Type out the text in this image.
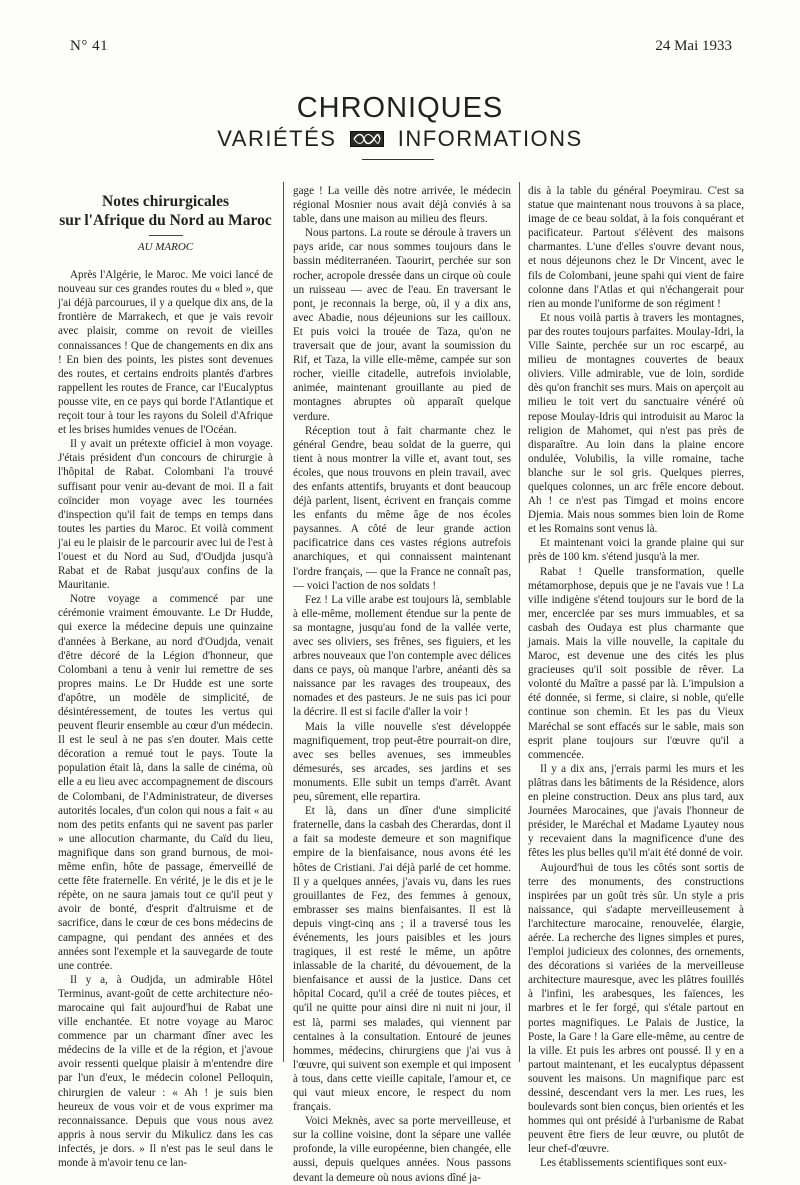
N° 41	24 Mai 1933
CHRONIQUES
VARIÉTÉS	INFORMATIONS
Notes chirurgicales
sur l'Afrique du Nord au Maroc
AU MAROC

Après l'Algérie, le Maroc. Me voici lancé de nouveau sur ces grandes routes du « bled », que j'ai déjà parcourues, il y a quelque dix ans, de la frontière de Marrakech, et que je vais revoir avec plaisir, comme on revoit de vieilles connaissances ! Que de changements en dix ans ! En bien des points, les pistes sont devenues des routes, et certains endroits plantés d'arbres rappellent les routes de France, car l'Eucalyptus pousse vite, en ce pays qui borde l'Atlantique et reçoit tour à tour les rayons du Soleil d'Afrique et les brises humides venues de l'Océan.

Il y avait un prétexte officiel à mon voyage. J'étais président d'un concours de chirurgie à l'hôpital de Rabat. Colombani l'a trouvé suffisant pour venir au-devant de moi. Il a fait coïncider mon voyage avec les tournées d'inspection qu'il fait de temps en temps dans toutes les parties du Maroc. Et voilà comment j'ai eu le plaisir de le parcourir avec lui de l'est à l'ouest et du Nord au Sud, d'Oudjda jusqu'à Rabat et de Rabat jusqu'aux confins de la Mauritanie.

Notre voyage a commencé par une cérémonie vraiment émouvante. Le Dr Hudde, qui exerce la médecine depuis une quinzaine d'années à Berkane, au nord d'Oudjda, venait d'être décoré de la Légion d'honneur, que Colombani a tenu à venir lui remettre de ses propres mains. Le Dr Hudde est une sorte d'apôtre, un modèle de simplicité, de désintéressement, de toutes les vertus qui peuvent fleurir ensemble au cœur d'un médecin. Il est le seul à ne pas s'en douter. Mais cette décoration a remué tout le pays. Toute la population était là, dans la salle de cinéma, où elle a eu lieu avec accompagnement de discours de Colombani, de l'Administrateur, de diverses autorités locales, d'un colon qui nous a fait « au nom des petits enfants qui ne savent pas parler » une allocution charmante, du Caïd du lieu, magnifique dans son grand burnous, de moi-même enfin, hôte de passage, émerveillé de cette fête fraternelle. En vérité, je le dis et je le répète, on ne saura jamais tout ce qu'il peut y avoir de bonté, d'esprit d'altruisme et de sacrifice, dans le cœur de ces bons médecins de campagne, qui pendant des années et des années sont l'exemple et la sauvegarde de toute une contrée.

Il y a, à Oudjda, un admirable Hôtel Terminus, avant-goût de cette architecture néo-marocaine qui fait aujourd'hui de Rabat une ville enchantée. Et notre voyage au Maroc commence par un charmant dîner avec les médecins de la ville et de la région, et j'avoue avoir ressenti quelque plaisir à m'entendre dire par l'un d'eux, le médecin colonel Pelloquin, chirurgien de valeur : « Ah ! je suis bien heureux de vous voir et de vous exprimer ma reconnaissance. Depuis que vous nous avez appris à nous servir du Mikulicz dans les cas infectés, je dors. » Il n'est pas le seul dans le monde à m'avoir tenu ce lan-

gage ! La veille dès notre arrivée, le médecin régional Mosnier nous avait déjà conviés à sa table, dans une maison au milieu des fleurs.

Nous partons. La route se déroule à travers un pays aride, car nous sommes toujours dans le bassin méditerranéen. Taourirt, perchée sur son rocher, acropole dressée dans un cirque où coule un ruisseau — avec de l'eau. En traversant le pont, je reconnais la berge, où, il y a dix ans, avec Abadie, nous déjeunions sur les cailloux. Et puis voici la trouée de Taza, qu'on ne traversait que de jour, avant la soumission du Rif, et Taza, la ville elle-même, campée sur son rocher, vieille citadelle, autrefois inviolable, animée, maintenant grouillante au pied de montagnes abruptes où apparaît quelque verdure.

Réception tout à fait charmante chez le général Gendre, beau soldat de la guerre, qui tient à nous montrer la ville et, avant tout, ses écoles, que nous trouvons en plein travail, avec des enfants attentifs, bruyants et dont beaucoup déjà parlent, lisent, écrivent en français comme les enfants du même âge de nos écoles paysannes. A côté de leur grande action pacificatrice dans ces vastes régions autrefois anarchiques, et qui connaissent maintenant l'ordre français, — que la France ne connaît pas, — voici l'action de nos soldats !

Fez ! La ville arabe est toujours là, semblable à elle-même, mollement étendue sur la pente de sa montagne, jusqu'au fond de la vallée verte, avec ses oliviers, ses frênes, ses figuiers, et les arbres nouveaux que l'on contemple avec délices dans ce pays, où manque l'arbre, anéanti dès sa naissance par les ravages des troupeaux, des nomades et des pasteurs. Je ne suis pas ici pour la décrire. Il est si facile d'aller la voir !

Mais la ville nouvelle s'est développée magnifiquement, trop peut-être pourrait-on dire, avec ses belles avenues, ses immeubles démesurés, ses arcades, ses jardins et ses monuments. Elle subit un temps d'arrêt. Avant peu, sûrement, elle repartira.

Et là, dans un dîner d'une simplicité fraternelle, dans la casbah des Cherardas, dont il a fait sa modeste demeure et son magnifique empire de la bienfaisance, nous avons été les hôtes de Cristiani. J'ai déjà parlé de cet homme. Il y a quelques années, j'avais vu, dans les rues grouillantes de Fez, des femmes à genoux, embrasser ses mains bienfaisantes. Il est là depuis vingt-cinq ans ; il a traversé tous les événements, les jours paisibles et les jours tragiques, il est resté le même, un apôtre inlassable de la charité, du dévouement, de la bienfaisance et aussi de la justice. Dans cet hôpital Cocard, qu'il a créé de toutes pièces, et qu'il ne quitte pour ainsi dire ni nuit ni jour, il est là, parmi ses malades, qui viennent par centaines à la consultation. Entouré de jeunes hommes, médecins, chirurgiens que j'ai vus à l'œuvre, qui suivent son exemple et qui imposent à tous, dans cette vieille capitale, l'amour et, ce qui vaut mieux encore, le respect du nom français.

Voici Meknès, avec sa porte merveilleuse, et sur la colline voisine, dont la sépare une vallée profonde, la ville européenne, bien changée, elle aussi, depuis quelques années. Nous passons devant la demeure où nous avions dîné ja-

dis à la table du général Poeymirau. C'est sa statue que maintenant nous trouvons à sa place, image de ce beau soldat, à la fois conquérant et pacificateur. Partout s'élèvent des maisons charmantes. L'une d'elles s'ouvre devant nous, et nous déjeunons chez le Dr Vincent, avec le fils de Colombani, jeune spahi qui vient de faire colonne dans l'Atlas et qui n'échangerait pour rien au monde l'uniforme de son régiment !

Et nous voilà partis à travers les montagnes, par des routes toujours parfaites. Moulay-Idri, la Ville Sainte, perchée sur un roc escarpé, au milieu de montagnes couvertes de beaux oliviers. Ville admirable, vue de loin, sordide dès qu'on franchit ses murs. Mais on aperçoit au milieu le toit vert du sanctuaire vénéré où repose Moulay-Idris qui introduisit au Maroc la religion de Mahomet, qui n'est pas près de disparaître. Au loin dans la plaine encore ondulée, Volubilis, la ville romaine, tache blanche sur le sol gris. Quelques pierres, quelques colonnes, un arc frêle encore debout. Ah ! ce n'est pas Timgad et moins encore Djemia. Mais nous sommes bien loin de Rome et les Romains sont venus là.

Et maintenant voici la grande plaine qui sur près de 100 km. s'étend jusqu'à la mer.

Rabat ! Quelle transformation, quelle métamorphose, depuis que je ne l'avais vue ! La ville indigène s'étend toujours sur le bord de la mer, encerclée par ses murs immuables, et sa casbah des Oudaya est plus charmante que jamais. Mais la ville nouvelle, la capitale du Maroc, est devenue une des cités les plus gracieuses qu'il soit possible de rêver. La volonté du Maître a passé par là. L'impulsion a été donnée, si ferme, si claire, si noble, qu'elle continue son chemin. Et les pas du Vieux Maréchal se sont effacés sur le sable, mais son esprit plane toujours sur l'œuvre qu'il a commencée.

Il y a dix ans, j'errais parmi les murs et les plâtras dans les bâtiments de la Résidence, alors en pleine construction. Deux ans plus tard, aux Journées Marocaines, que j'avais l'honneur de présider, le Maréchal et Madame Lyautey nous y recevaient dans la magnificence d'une des fêtes les plus belles qu'il m'ait été donné de voir.

Aujourd'hui de tous les côtés sont sortis de terre des monuments, des constructions inspirées par un goût très sûr. Un style a pris naissance, qui s'adapte merveilleusement à l'architecture marocaine, renouvelée, élargie, aérée. La recherche des lignes simples et pures, l'emploi judicieux des colonnes, des ornements, des décorations si variées de la merveilleuse architecture mauresque, avec les plâtres fouillés à l'infini, les arabesques, les faïences, les marbres et le fer forgé, qui s'étale partout en portes magnifiques. Le Palais de Justice, la Poste, la Gare ! la Gare elle-même, au centre de la ville. Et puis les arbres ont poussé. Il y en a partout maintenant, et les eucalyptus dépassent souvent les maisons. Un magnifique parc est dessiné, descendant vers la mer. Les rues, les boulevards sont bien conçus, bien orientés et les hommes qui ont présidé à l'urbanisme de Rabat peuvent être fiers de leur œuvre, ou plutôt de leur chef-d'œuvre.

Les établissements scientifiques sont eux-
